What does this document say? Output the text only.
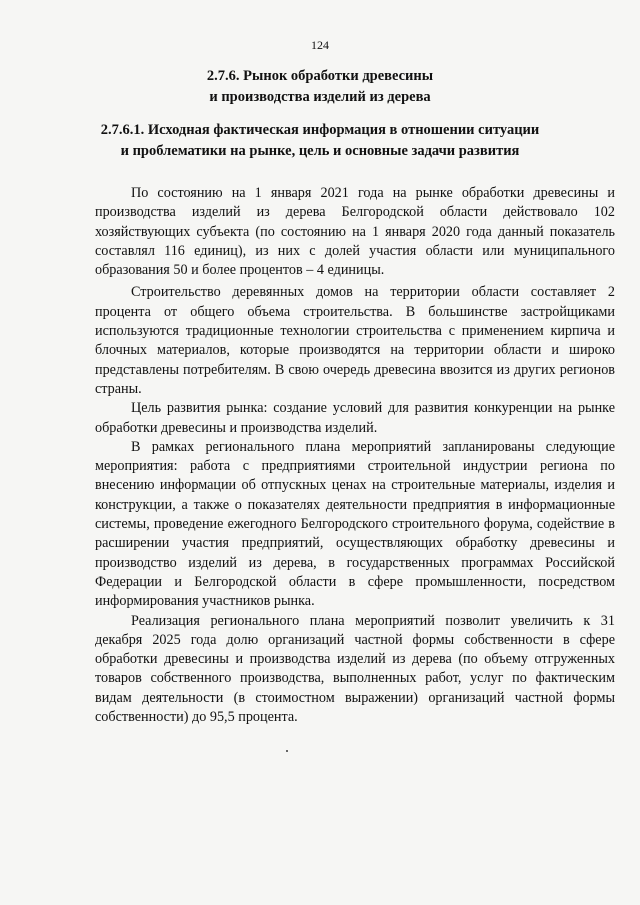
124
2.7.6. Рынок обработки древесины
и производства изделий из дерева
2.7.6.1. Исходная фактическая информация в отношении ситуации
и проблематики на рынке, цель и основные задачи развития

По состоянию на 1 января 2021 года на рынке обработки древесины и производства изделий из дерева Белгородской области действовало 102 хозяйствующих субъекта (по состоянию на 1 января 2020 года данный показатель составлял 116 единиц), из них с долей участия области или муниципального образования 50 и более процентов – 4 единицы.

Строительство деревянных домов на территории области составляет 2 процента от общего объема строительства. В большинстве застройщиками используются традиционные технологии строительства с применением кирпича и блочных материалов, которые производятся на территории области и широко представлены потребителям. В свою очередь древесина ввозится из других регионов страны.

Цель развития рынка: создание условий для развития конкуренции на рынке обработки древесины и производства изделий.

В рамках регионального плана мероприятий запланированы следующие мероприятия: работа с предприятиями строительной индустрии региона по внесению информации об отпускных ценах на строительные материалы, изделия и конструкции, а также о показателях деятельности предприятия в информационные системы, проведение ежегодного Белгородского строительного форума, содействие в расширении участия предприятий, осуществляющих обработку древесины и производство изделий из дерева, в государственных программах Российской Федерации и Белгородской области в сфере промышленности, посредством информирования участников рынка.

Реализация регионального плана мероприятий позволит увеличить к 31 декабря 2025 года долю организаций частной формы собственности в сфере обработки древесины и производства изделий из дерева (по объему отгруженных товаров собственного производства, выполненных работ, услуг по фактическим видам деятельности (в стоимостном выражении) организаций частной формы собственности) до 95,5 процента.
